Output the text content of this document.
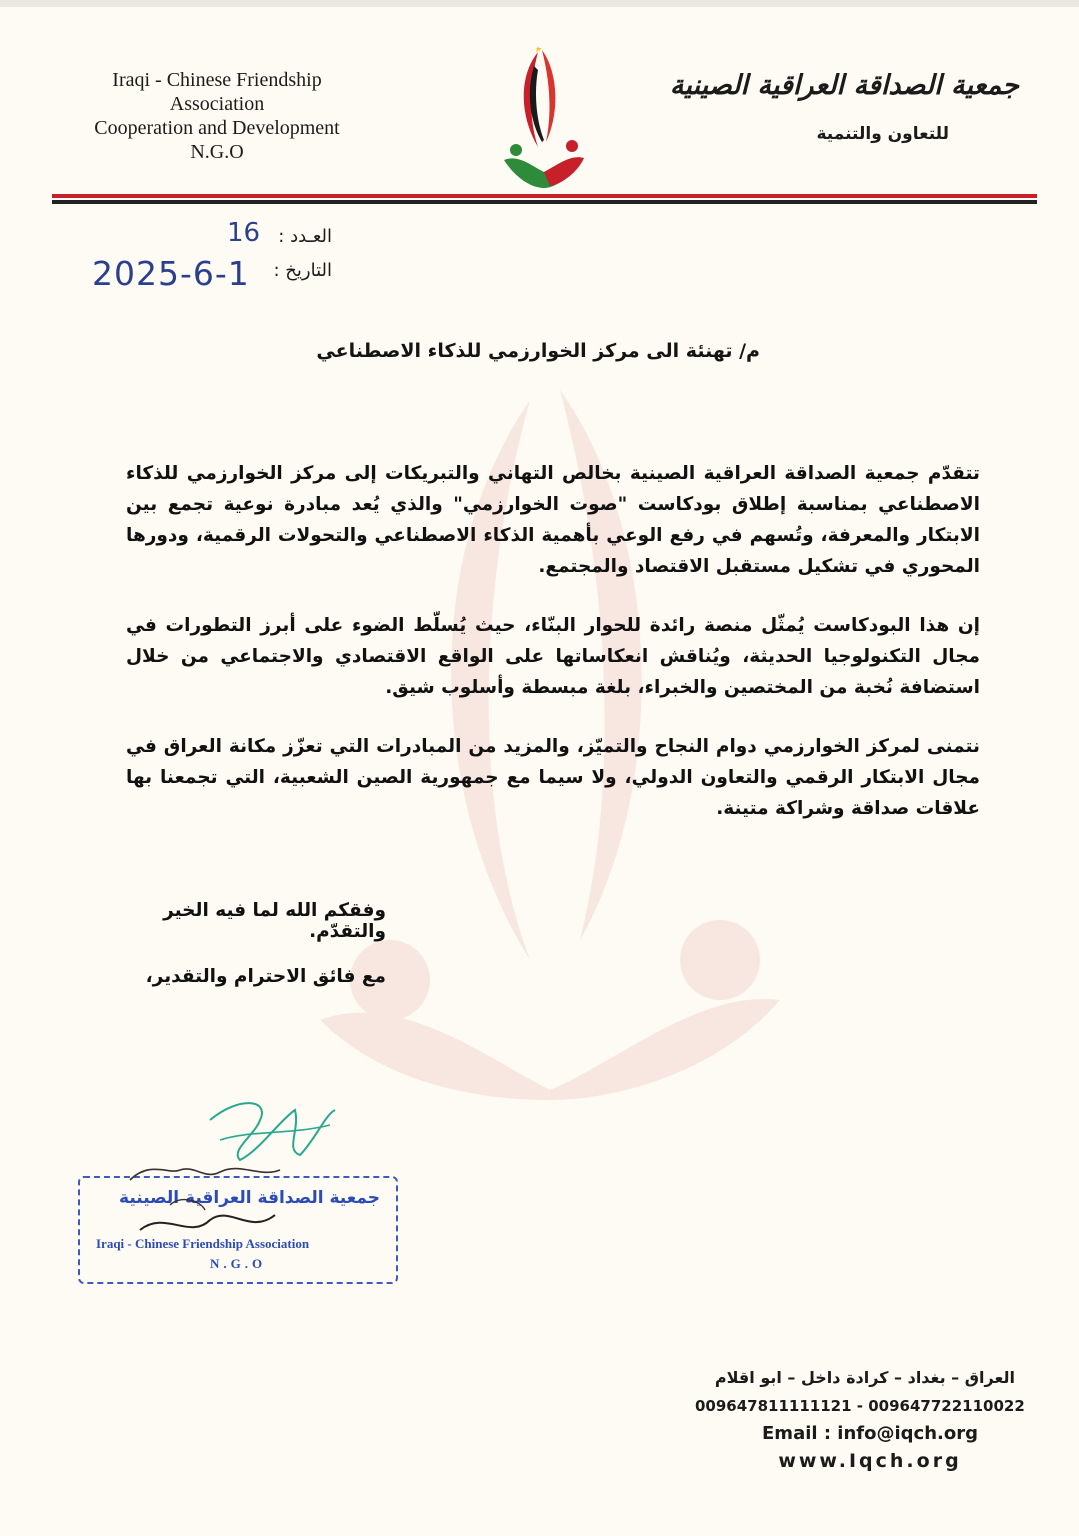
Iraqi - Chinese Friendship
Association
Cooperation and Development
N.G.O
جمعية الصداقة العراقية الصينية
للتعاون والتنمية
16 العـدد :
2025-6-1 التاريخ :
م/ تهنئة الى مركز الخوارزمي للذكاء الاصطناعي

تتقدّم جمعية الصداقة العراقية الصينية بخالص التهاني والتبريكات إلى مركز الخوارزمي للذكاء الاصطناعي بمناسبة إطلاق بودكاست "صوت الخوارزمي" والذي يُعد مبادرة نوعية تجمع بين الابتكار والمعرفة، وتُسهم في رفع الوعي بأهمية الذكاء الاصطناعي والتحولات الرقمية، ودورها المحوري في تشكيل مستقبل الاقتصاد والمجتمع.

إن هذا البودكاست يُمثّل منصة رائدة للحوار البنّاء، حيث يُسلّط الضوء على أبرز التطورات في مجال التكنولوجيا الحديثة، ويُناقش انعكاساتها على الواقع الاقتصادي والاجتماعي من خلال استضافة نُخبة من المختصين والخبراء، بلغة مبسطة وأسلوب شيق.

نتمنى لمركز الخوارزمي دوام النجاح والتميّز، والمزيد من المبادرات التي تعزّز مكانة العراق في مجال الابتكار الرقمي والتعاون الدولي، ولا سيما مع جمهورية الصين الشعبية، التي تجمعنا بها علاقات صداقة وشراكة متينة.

وفقكم الله لما فيه الخير والتقدّم.
مع فائق الاحترام والتقدير،
جمعية الصداقة العراقية الصينية
Iraqi - Chinese Friendship Association
N.G.O
العراق – بغداد – كرادة داخل – ابو اقلام
009647811111121 - 009647722110022
Email : info@iqch.org
www.Iqch.org
